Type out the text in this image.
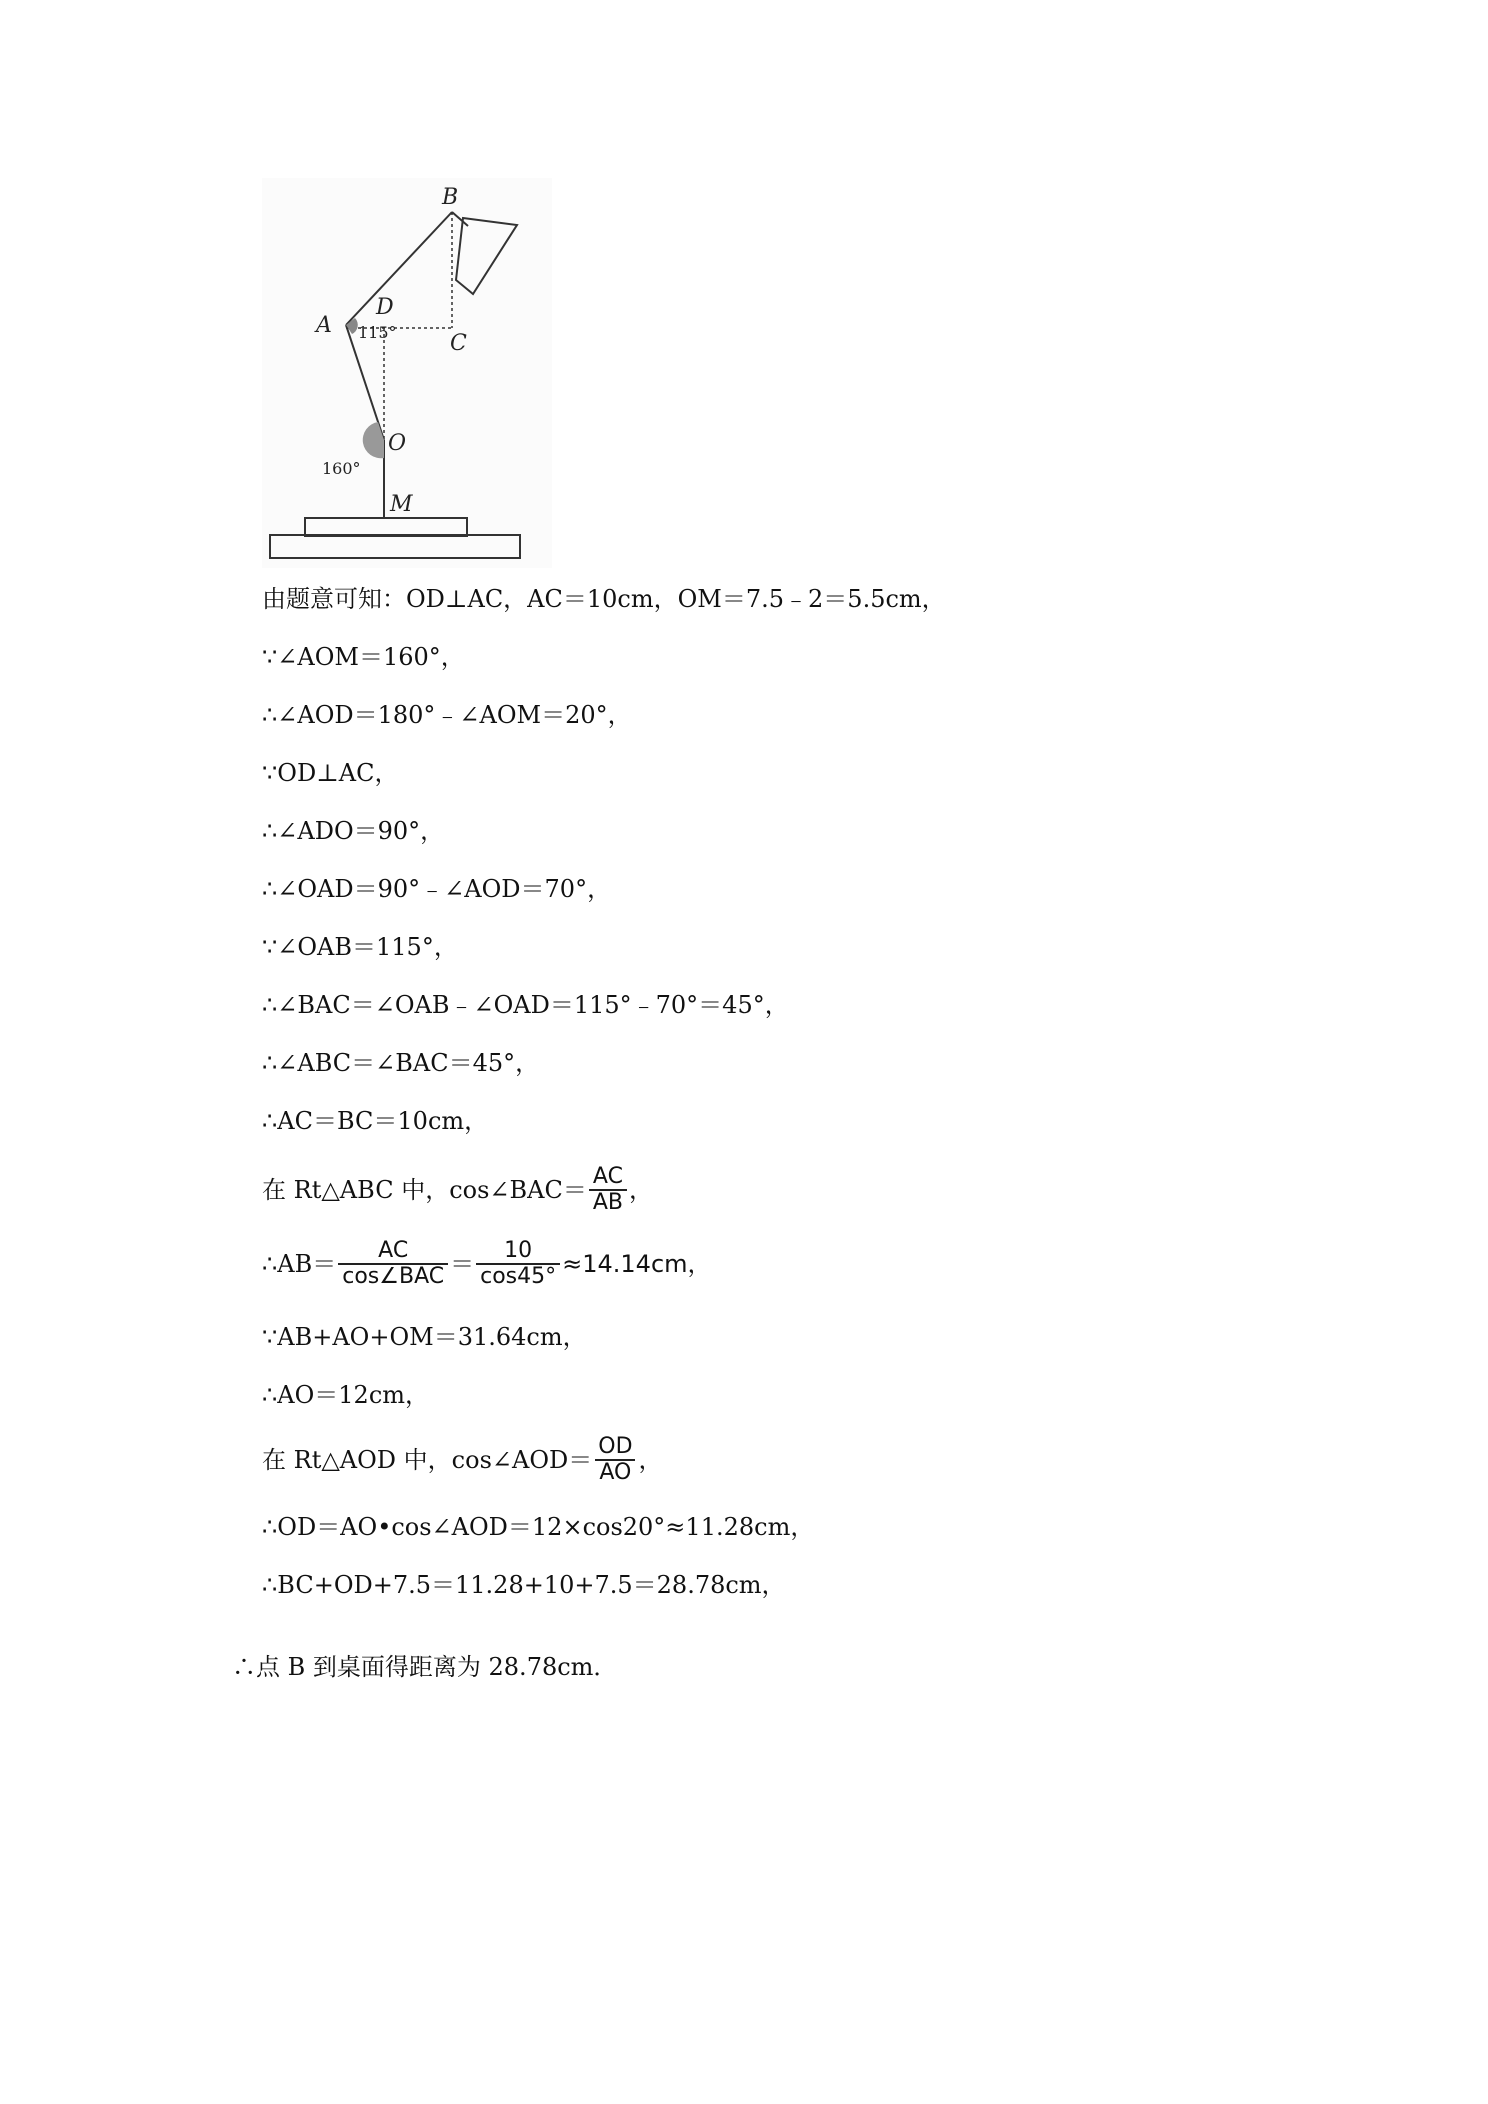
B
A
D
C
O
M
115°
160°
由题意可知：OD⊥AC，AC＝10cm，OM＝7.5﹣2＝5.5cm，
∵∠AOM＝160°，
∴∠AOD＝180°﹣∠AOM＝20°，
∵OD⊥AC，
∴∠ADO＝90°，
∴∠OAD＝90°﹣∠AOD＝70°，
∵∠OAB＝115°，
∴∠BAC＝∠OAB﹣∠OAD＝115°﹣70°＝45°，
∴∠ABC＝∠BAC＝45°，
∴AC＝BC＝10cm，
在 Rt△ABC 中，cos∠BAC＝ $\frac{AC}{AB}$ ，
∴AB＝ $\frac{AC}{\text{cos∠BAC}} = \frac{10}{\cos 45^\circ} \approx 14.14cm$，
∵AB+AO+OM＝31.64cm，
∴AO＝12cm，
在 Rt△AOD 中，cos∠AOD＝ $\frac{OD}{AO}$ ，
∴OD＝AO•cos∠AOD＝12×cos20°≈11.28cm，
∴BC+OD+7.5＝11.28+10+7.5＝28.78cm，
∴点 B 到桌面得距离为 28.78cm．
